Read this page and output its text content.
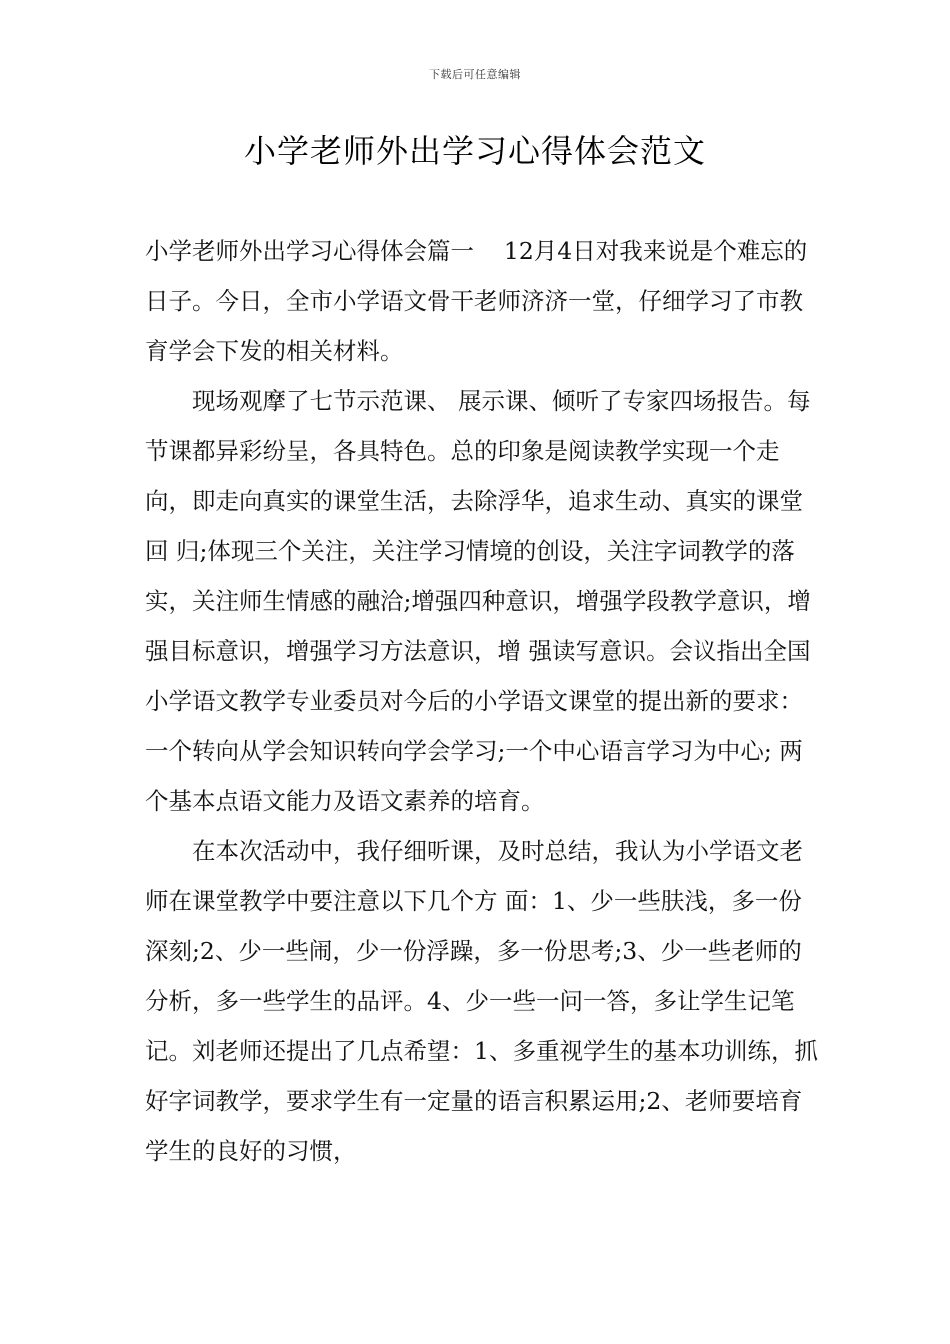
下载后可任意编辑
小学老师外出学习心得体会范文

小学老师外出学习心得体会篇一    12月4日对我来说是个难忘的日子。今日，全市小学语文骨干老师济济一堂，仔细学习了市教育学会下发的相关材料。

现场观摩了七节示范课、 展示课、倾听了专家四场报告。每节课都异彩纷呈，各具特色。总的印象是阅读教学实现一个走向，即走向真实的课堂生活，去除浮华，追求生动、真实的课堂回 归;体现三个关注，关注学习情境的创设，关注字词教学的落实，关注师生情感的融洽;增强四种意识，增强学段教学意识，增强目标意识，增强学习方法意识，增 强读写意识。会议指出全国小学语文教学专业委员对今后的小学语文课堂的提出新的要求：一个转向从学会知识转向学会学习;一个中心语言学习为中心; 两个基本点语文能力及语文素养的培育。

在本次活动中，我仔细听课，及时总结，我认为小学语文老师在课堂教学中要注意以下几个方 面：1、少一些肤浅，多一份深刻;2、少一些闹，少一份浮躁，多一份思考;3、少一些老师的分析，多一些学生的品评。4、少一些一问一答，多让学生记笔 记。刘老师还提出了几点希望：1、多重视学生的基本功训练，抓好字词教学，要求学生有一定量的语言积累运用;2、老师要培育学生的良好的习惯，
